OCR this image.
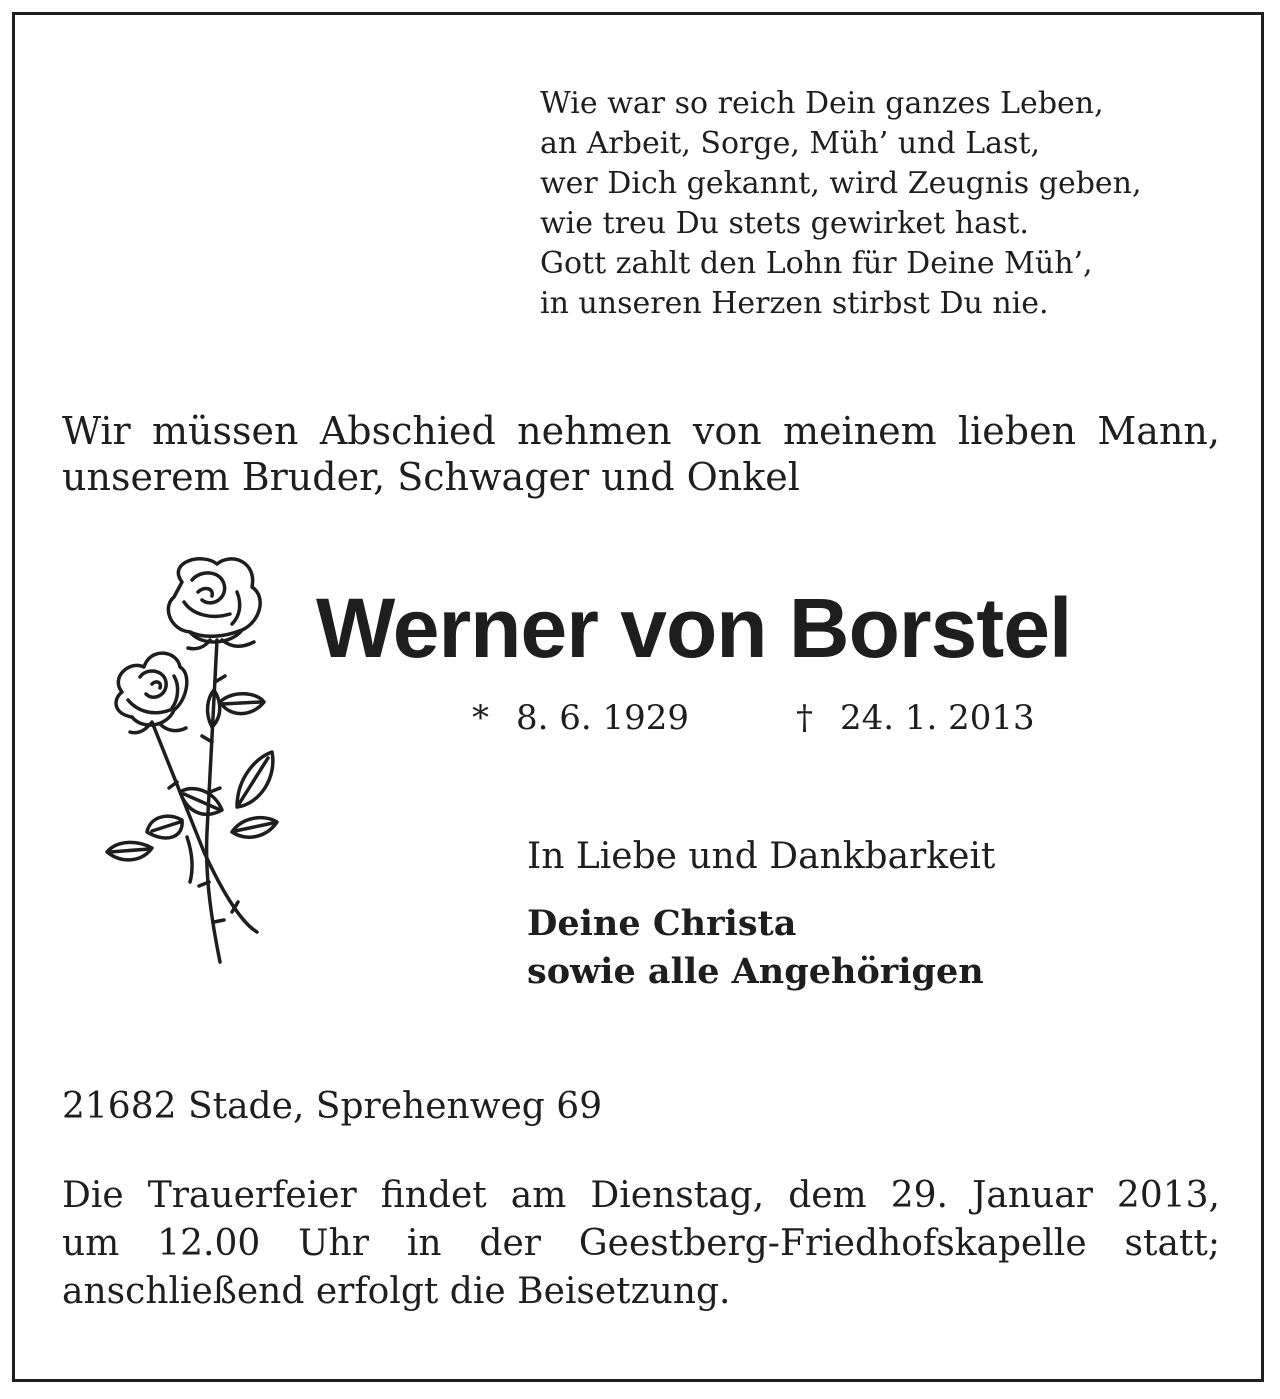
Wie war so reich Dein ganzes Leben,
an Arbeit, Sorge, Müh’ und Last,
wer Dich gekannt, wird Zeugnis geben,
wie treu Du stets gewirket hast.
Gott zahlt den Lohn für Deine Müh’,
in unseren Herzen stirbst Du nie.
Wir müssen Abschied nehmen von meinem lieben Mann,
unserem Bruder, Schwager und Onkel
Werner von Borstel
* 8. 6. 1929	† 24. 1. 2013
In Liebe und Dankbarkeit
Deine Christa
sowie alle Angehörigen
21682 Stade, Sprehenweg 69
Die Trauerfeier findet am Dienstag, dem 29. Januar 2013,
um 12.00 Uhr in der Geestberg-Friedhofskapelle statt;
anschließend erfolgt die Beisetzung.
